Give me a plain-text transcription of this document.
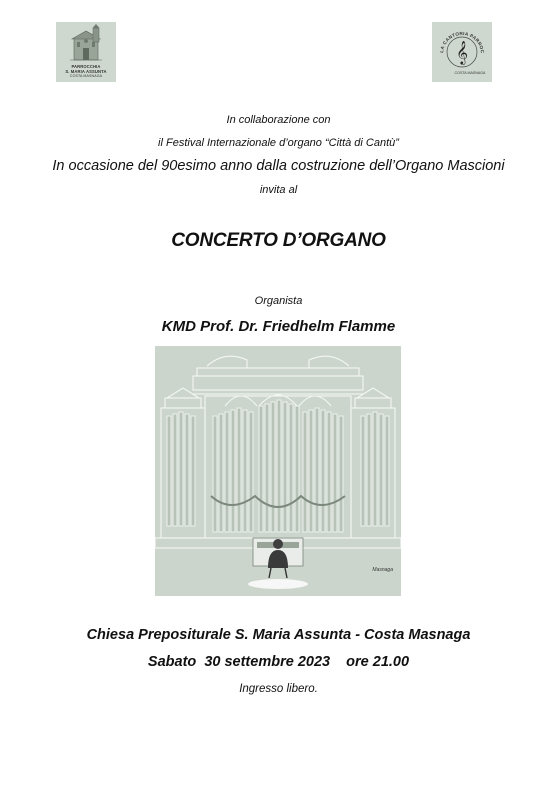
PARROCCHIA
S. MARIA ASSUNTA
COSTA MASNAGA
LA CANTORIA PARROC
𝄞
COSTA MASNAGA
In collaborazione con
il Festival Internazionale d’organo “Città di Cantù”
In occasione del 90esimo anno dalla costruzione dell’Organo Mascioni
invita al
CONCERTO D’ORGANO
Organista
KMD Prof. Dr. Friedhelm Flamme
Masnaga
Chiesa Prepositurale S. Maria Assunta - Costa Masnaga
Sabato  30 settembre 2023    ore 21.00
Ingresso libero.
